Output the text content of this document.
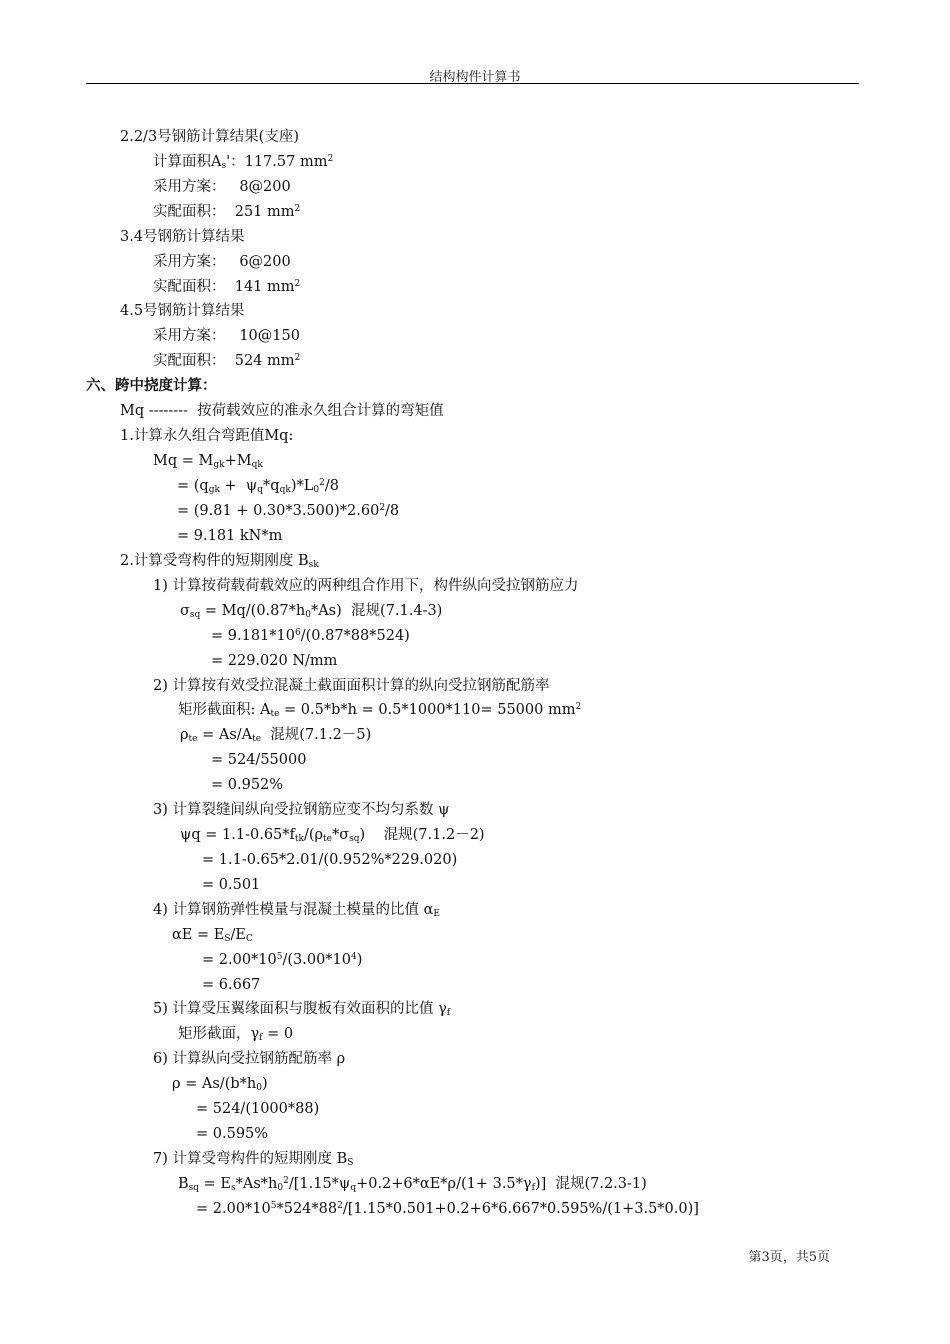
结构构件计算书
2.2/3号钢筋计算结果(支座)
计算面积$A_s'$：117.57 $mm^2$
采用方案：   8@200
实配面积：  251 $mm^2$
3.4号钢筋计算结果
采用方案：   6@200
实配面积：  141 $mm^2$
4.5号钢筋计算结果
采用方案：   10@150
实配面积：  524 $mm^2$
六、跨中挠度计算：
Mq --------  按荷载效应的准永久组合计算的弯矩值
1.计算永久组合弯距值Mq:
$Mq = M_{gk}+M_{qk}$
= $(q_{gk} + \psi_q*q_{qk})*L_0^2/8$
= $(9.81 + 0.30*3.500)*2.60^2/8$
= 9.181 kN*m
2.计算受弯构件的短期刚度 $B_{sk}$
1) 计算按荷载荷载效应的两种组合作用下，构件纵向受拉钢筋应力
$\sigma_{sq} = Mq/(0.87*h_0*As)$  混规(7.1.4-3)
= $9.181*10^6/(0.87*88*524)$
= 229.020 N/mm
2) 计算按有效受拉混凝土截面面积计算的纵向受拉钢筋配筋率
矩形截面积: $A_{te} = 0.5*b*h = 0.5*1000*110= 55000$ $mm^2$
$\rho_{te} = As/A_{te}$  混规(7.1.2－5)
= 524/55000
= 0.952%
3) 计算裂缝间纵向受拉钢筋应变不均匀系数 ψ
$\psi q = 1.1-0.65*f_{tk}/(\rho_{te}*\sigma_{sq})$    混规(7.1.2－2)
= 1.1-0.65*2.01/(0.952%*229.020)
= 0.501
4) 计算钢筋弹性模量与混凝土模量的比值 $\alpha_E$
$\alpha E = E_S/E_C$
= $2.00*10^5/(3.00*10^4)$
= 6.667
5) 计算受压翼缘面积与腹板有效面积的比值 $\gamma_f$
矩形截面，$\gamma_f = 0$
6) 计算纵向受拉钢筋配筋率 ρ
$\rho = As/(b*h_0)$
= 524/(1000*88)
= 0.595%
7) 计算受弯构件的短期刚度 $B_S$
$B_{sq} = E_s*As*h_0^2/[1.15*\psi_q+0.2+6*\alpha E*\rho/(1+ 3.5*\gamma_f)]$  混规(7.2.3-1)
= $2.00*10^5*524*88^2/[1.15*0.501+0.2+6*6.667*0.595\%/(1+3.5*0.0)]$
第3页，共5页
